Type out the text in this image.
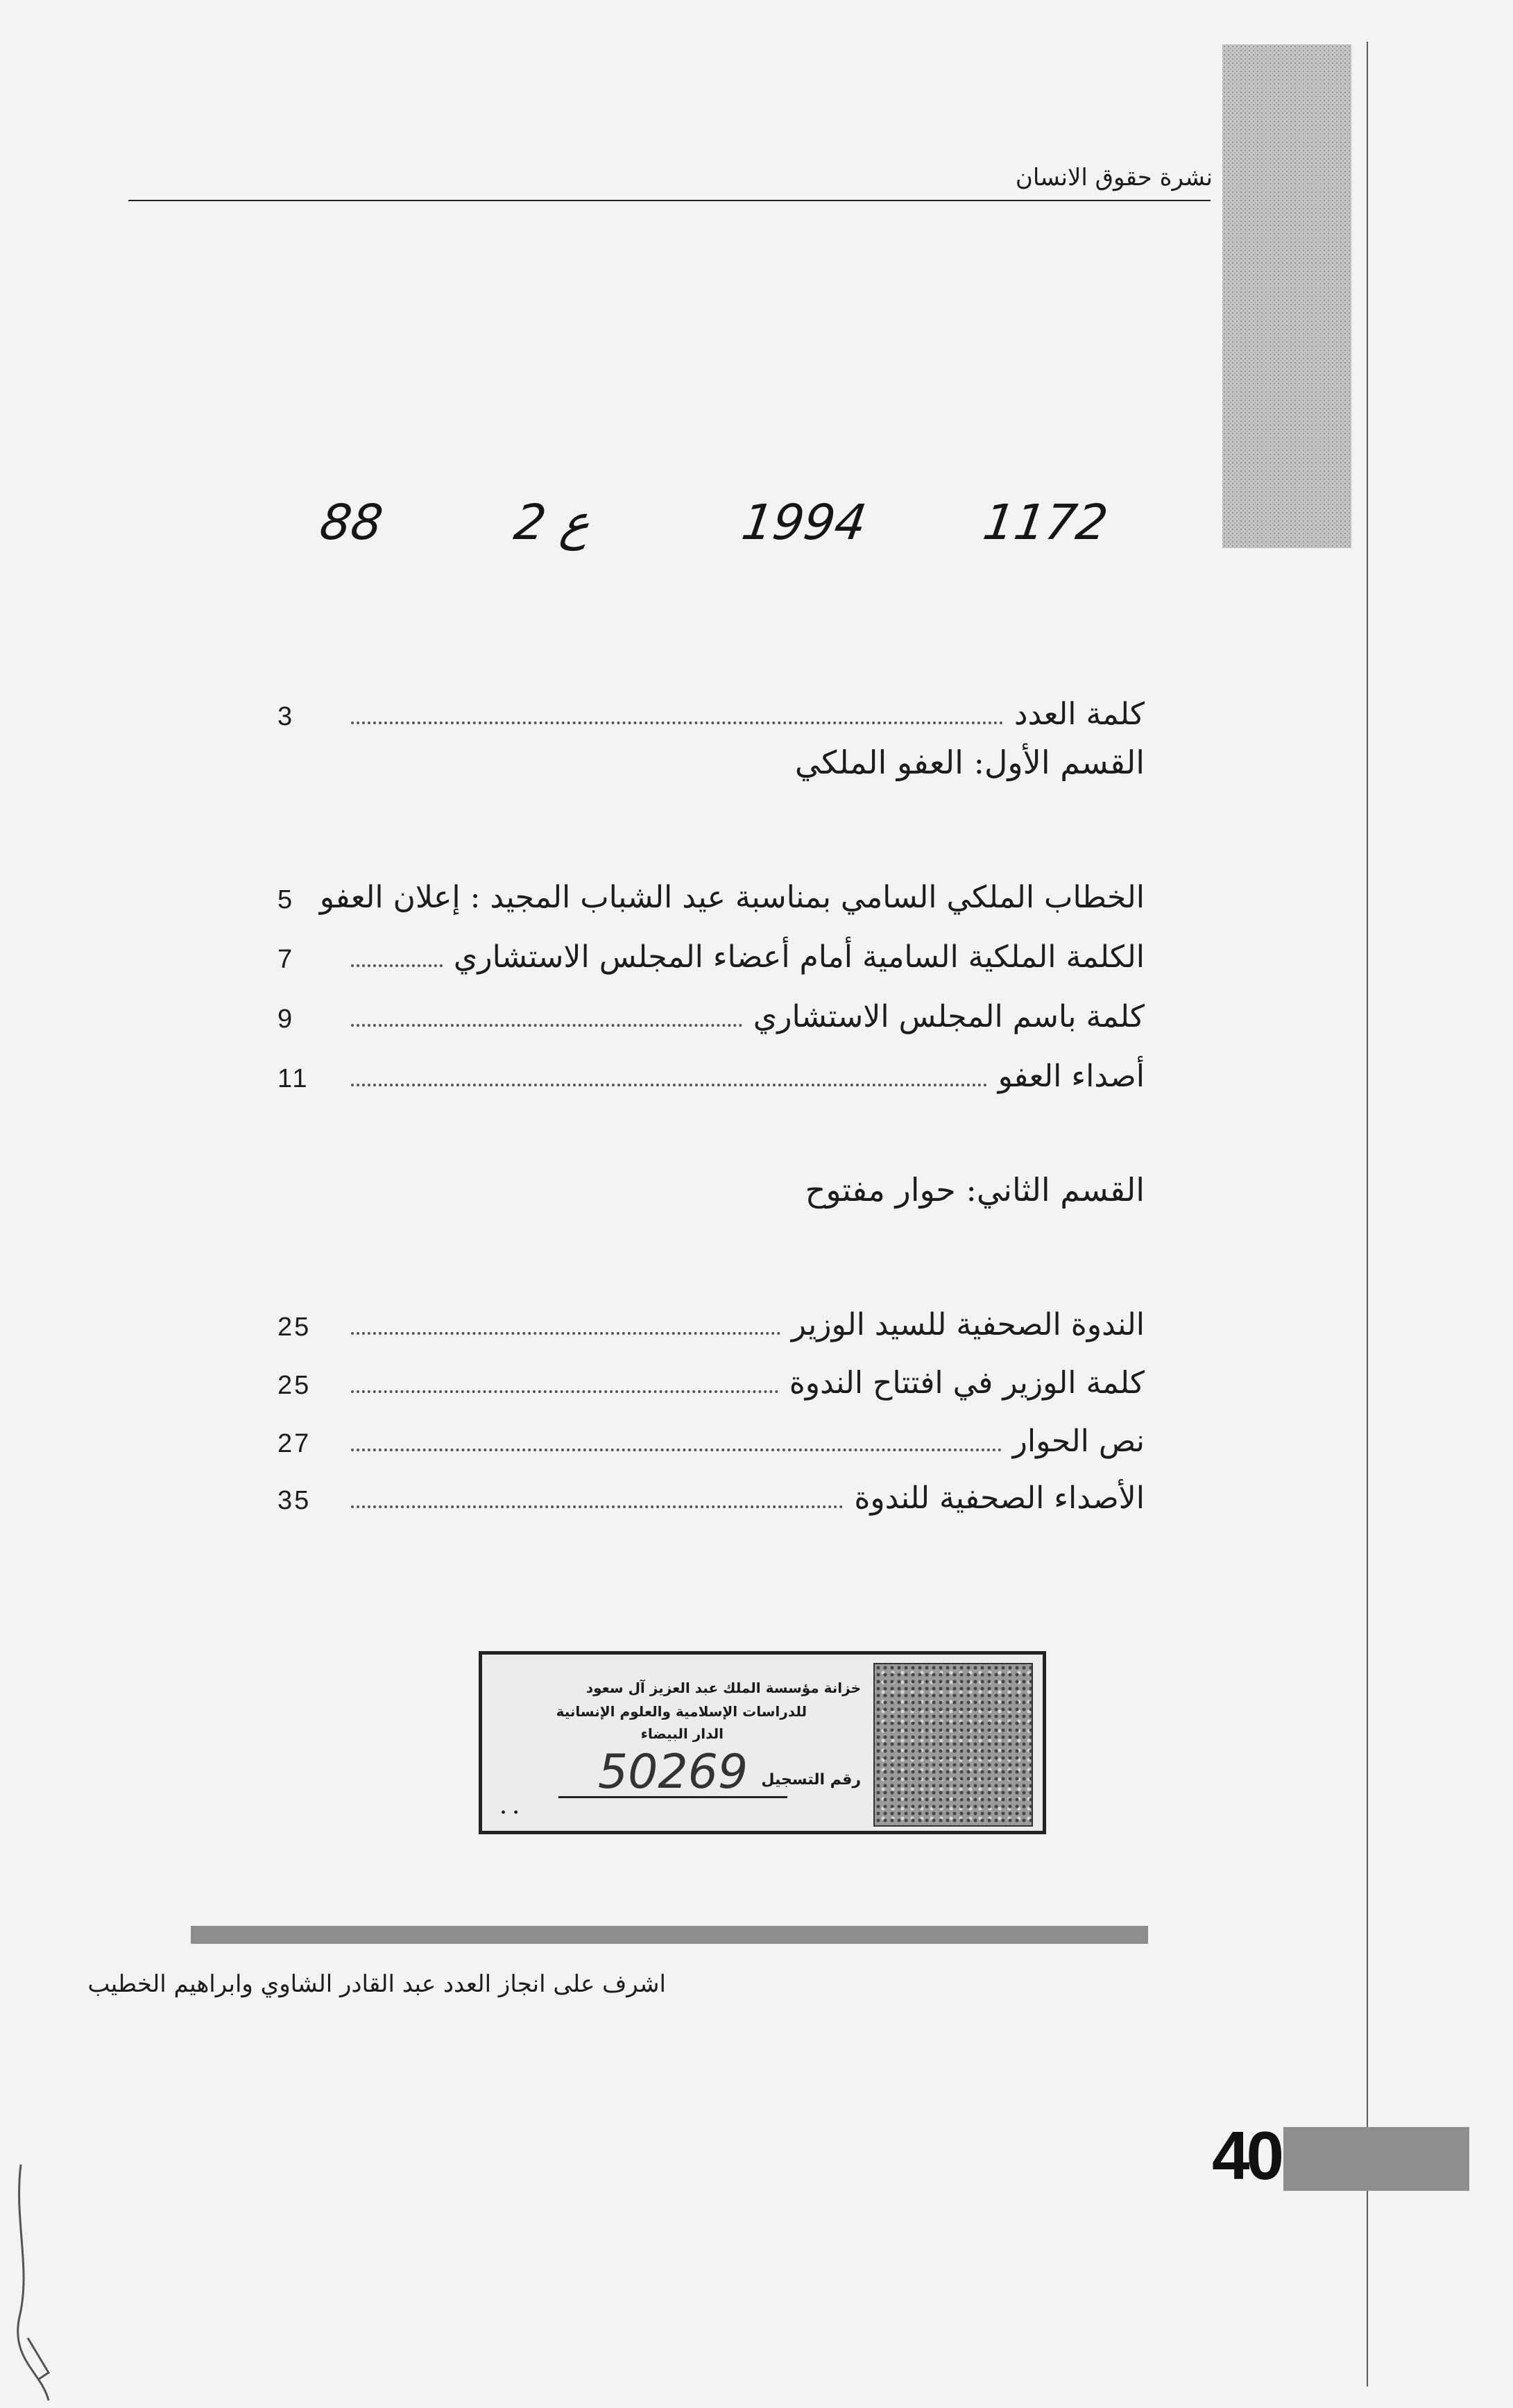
نشرة حقوق الانسان
88	2 ع	1994 1172
كلمة العدد
3
القسم الأول: العفو الملكي
الخطاب الملكي السامي بمناسبة عيد الشباب المجيد : إعلان العفو
5
الكلمة الملكية السامية أمام أعضاء المجلس الاستشاري
7
كلمة باسم المجلس الاستشاري
9
أصداء العفو
11
القسم الثاني: حوار مفتوح
الندوة الصحفية للسيد الوزير
25
كلمة الوزير في افتتاح الندوة
25
نص الحوار
27
الأصداء الصحفية للندوة
35
خزانة مؤسسة الملك عبد العزيز آل سعود
للدراسات الإسلامية والعلوم الإنسانية
الدار البيضاء
رقم التسجيل
50269
. .
اشرف على انجاز العدد عبد القادر الشاوي وابراهيم الخطيب
40
